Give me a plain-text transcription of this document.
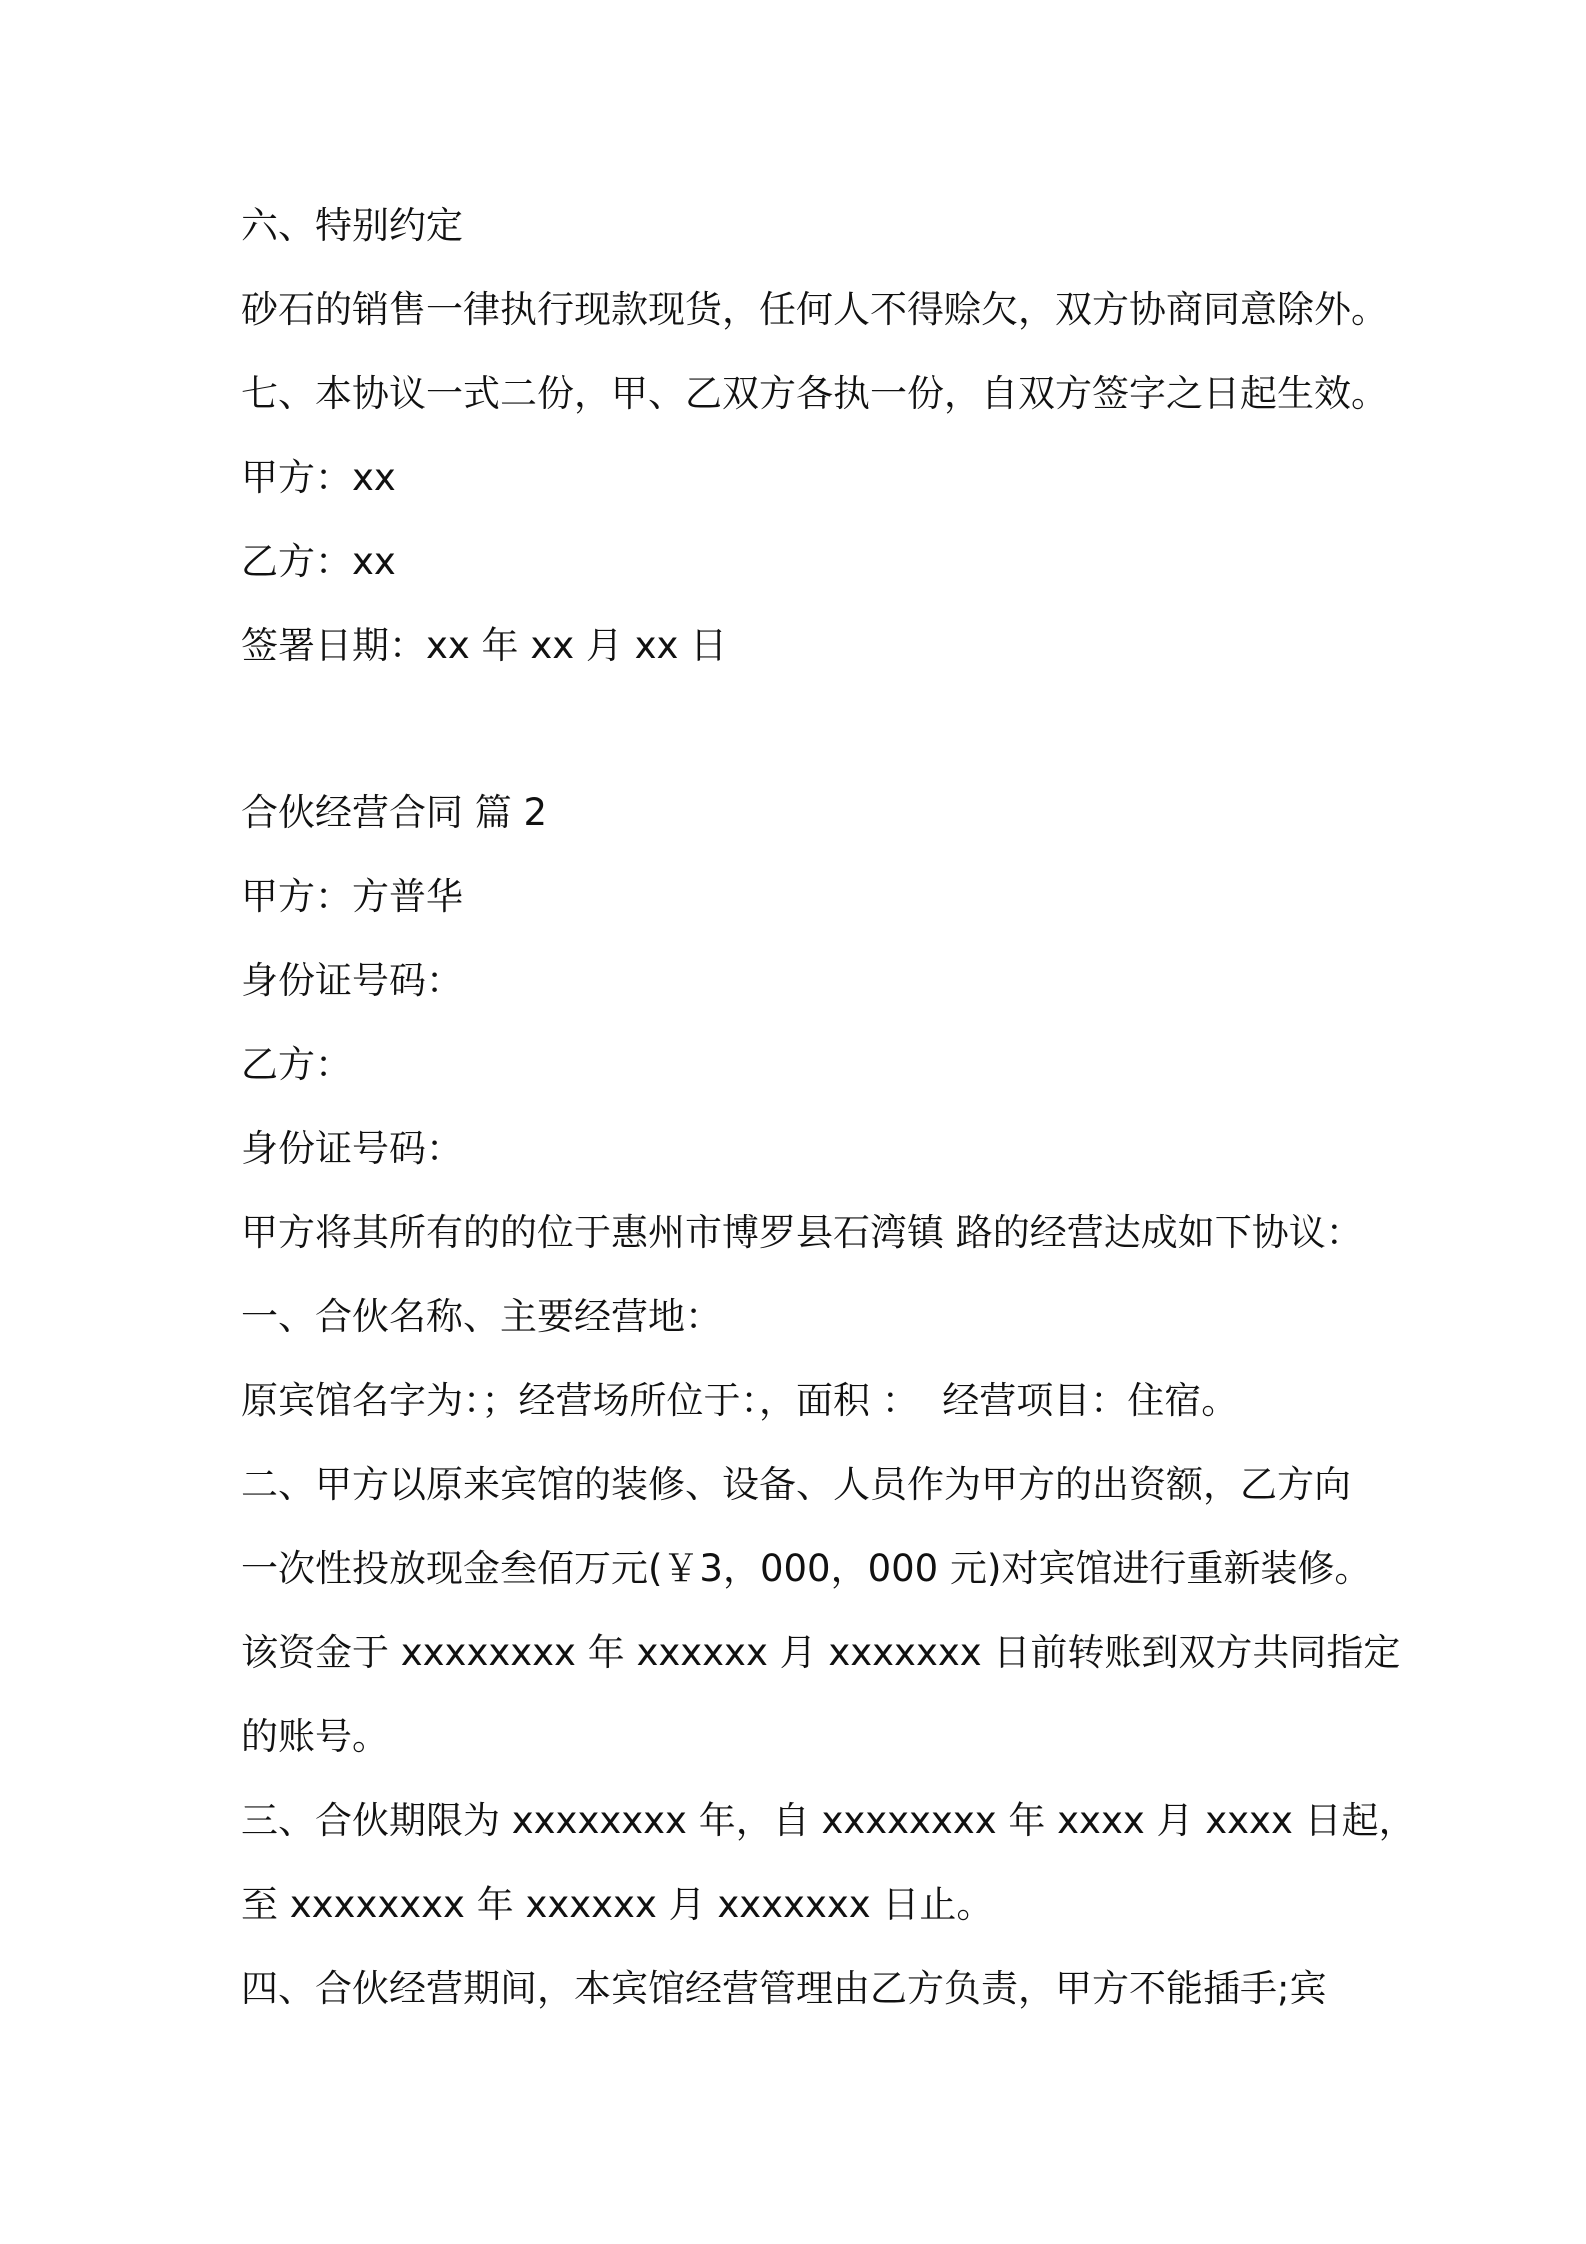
六、特别约定
砂石的销售一律执行现款现货，任何人不得赊欠，双方协商同意除外。
七、本协议一式二份，甲、乙双方各执一份，自双方签字之日起生效。
甲方：xx
乙方：xx
签署日期：xx 年 xx 月 xx 日
合伙经营合同 篇 2
甲方：方普华
身份证号码：
乙方：
身份证号码：
甲方将其所有的的位于惠州市博罗县石湾镇 路的经营达成如下协议：
一、合伙名称、主要经营地：
原宾馆名字为：；经营场所位于：，面积 ：  经营项目：住宿。
二、甲方以原来宾馆的装修、设备、人员作为甲方的出资额，乙方向
一次性投放现金叁佰万元(￥3，000，000 元)对宾馆进行重新装修。
该资金于 xxxxxxxx 年 xxxxxx 月 xxxxxxx 日前转账到双方共同指定
的账号。
三、合伙期限为 xxxxxxxx 年，自 xxxxxxxx 年 xxxx 月 xxxx 日起，
至 xxxxxxxx 年 xxxxxx 月 xxxxxxx 日止。
四、合伙经营期间，本宾馆经营管理由乙方负责，甲方不能插手;宾
